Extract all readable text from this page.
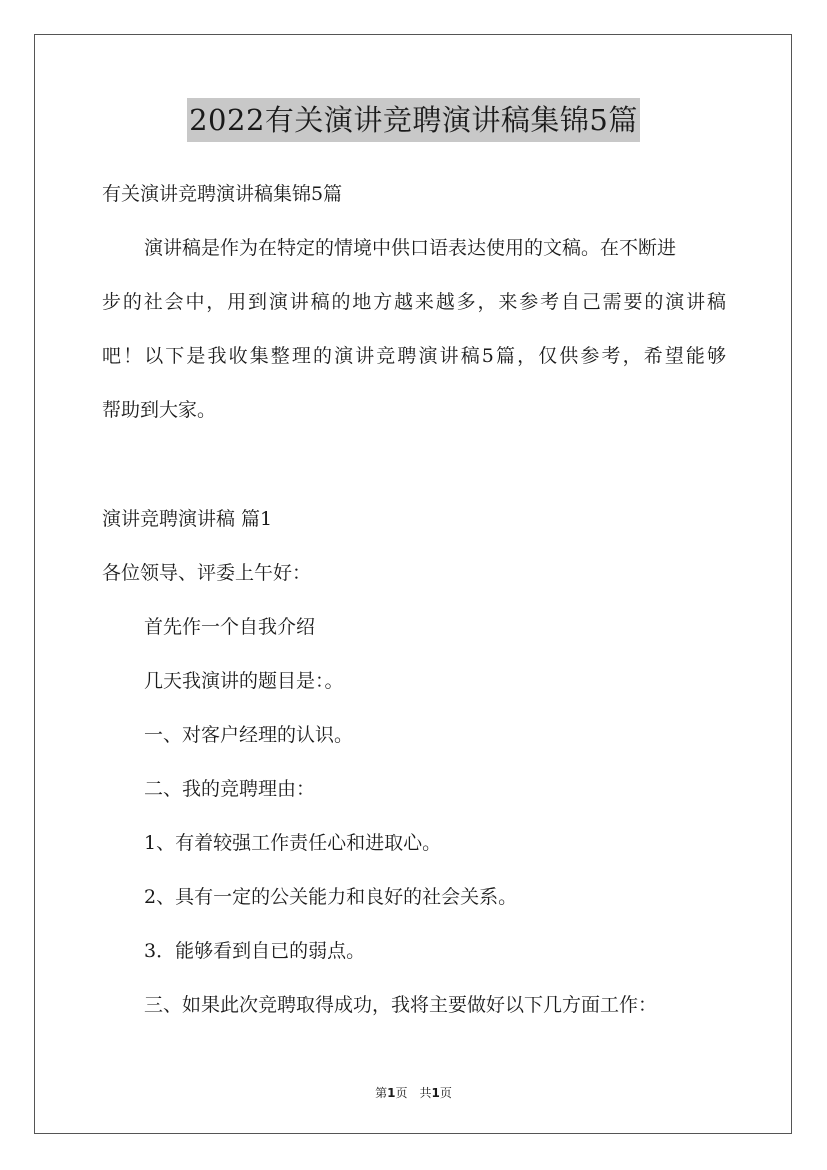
2022有关演讲竞聘演讲稿集锦5篇
有关演讲竞聘演讲稿集锦5篇
演讲稿是作为在特定的情境中供口语表达使用的文稿。在不断进
步的社会中，用到演讲稿的地方越来越多，来参考自己需要的演讲稿
吧！以下是我收集整理的演讲竞聘演讲稿5篇，仅供参考，希望能够
帮助到大家。
演讲竞聘演讲稿 篇1
各位领导、评委上午好：
首先作一个自我介绍
几天我演讲的题目是：。
一、对客户经理的认识。
二、我的竞聘理由：
1、有着较强工作责任心和进取心。
2、具有一定的公关能力和良好的社会关系。
3．能够看到自已的弱点。
三、如果此次竞聘取得成功，我将主要做好以下几方面工作：
第1页　共1页
